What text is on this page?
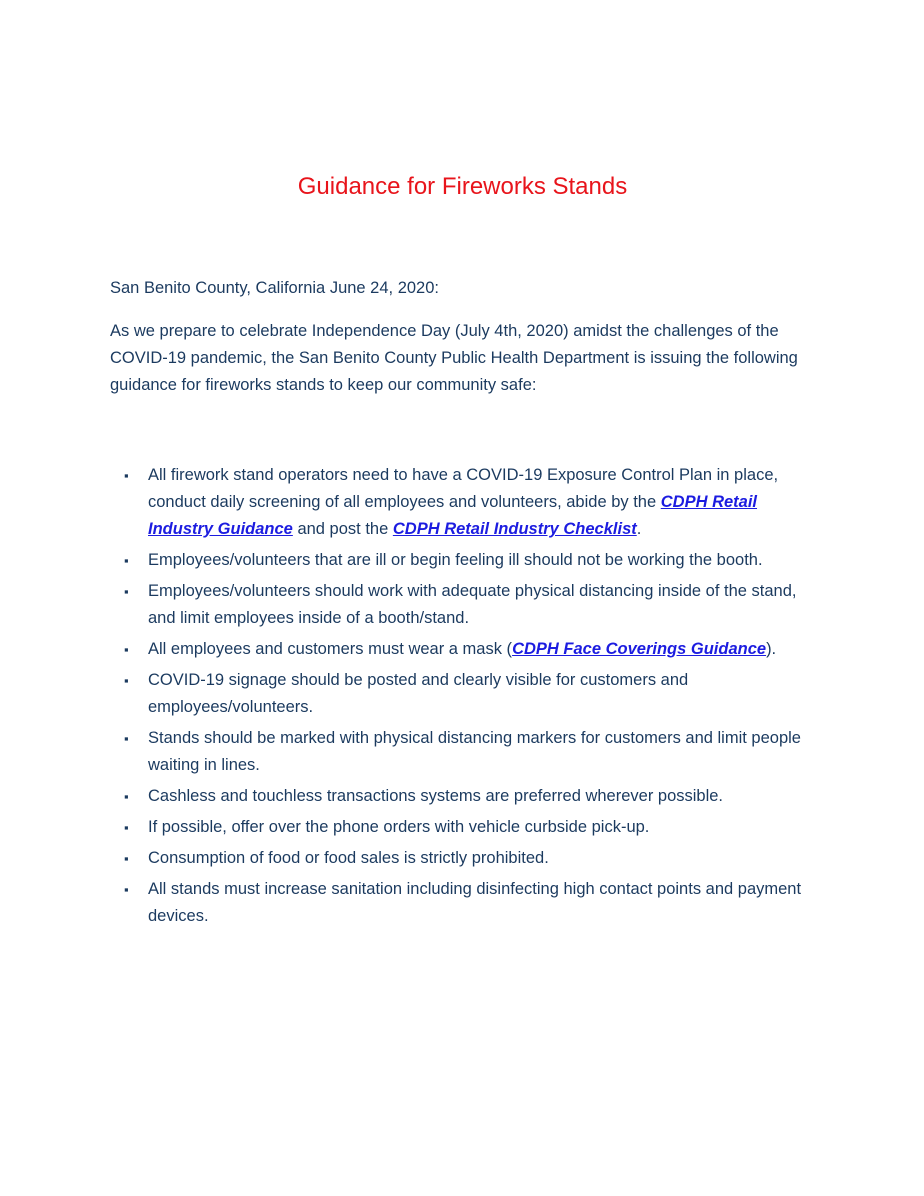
Guidance for Fireworks Stands

San Benito County, California June 24, 2020:

As we prepare to celebrate Independence Day (July 4th, 2020) amidst the challenges of the COVID-19 pandemic, the San Benito County Public Health Department is issuing the following guidance for fireworks stands to keep our community safe:

▪	All firework stand operators need to have a COVID-19 Exposure Control Plan in place, conduct daily screening of all employees and volunteers, abide by the CDPH Retail Industry Guidance and post the CDPH Retail Industry Checklist.
▪	Employees/volunteers that are ill or begin feeling ill should not be working the booth.
▪	Employees/volunteers should work with adequate physical distancing inside of the stand, and limit employees inside of a booth/stand.
▪	All employees and customers must wear a mask (CDPH Face Coverings Guidance).
▪	COVID-19 signage should be posted and clearly visible for customers and employees/volunteers.
▪	Stands should be marked with physical distancing markers for customers and limit people waiting in lines.
▪	Cashless and touchless transactions systems are preferred wherever possible.
▪	If possible, offer over the phone orders with vehicle curbside pick-up.
▪	Consumption of food or food sales is strictly prohibited.
▪	All stands must increase sanitation including disinfecting high contact points and payment devices.
